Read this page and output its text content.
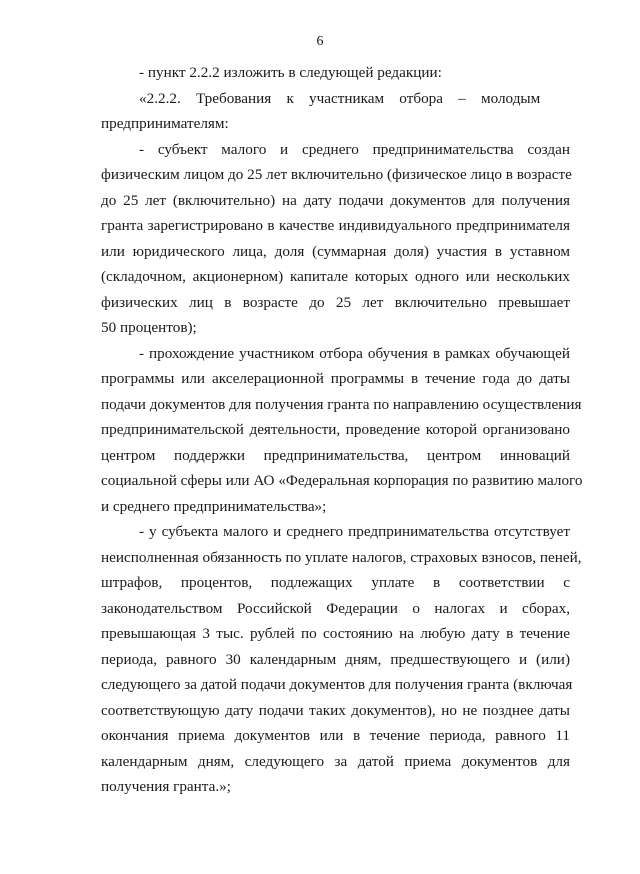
6
- пункт 2.2.2 изложить в следующей редакции:
«2.2.2. Требования к участникам отбора – молодым
предпринимателям:
- субъект малого и среднего предпринимательства создан
физическим лицом до 25 лет включительно (физическое лицо в возрасте
до 25 лет (включительно) на дату подачи документов для получения
гранта зарегистрировано в качестве индивидуального предпринимателя
или юридического лица, доля (суммарная доля) участия в уставном
(складочном, акционерном) капитале которых одного или нескольких
физических лиц в возрасте до 25 лет включительно превышает
50 процентов);
- прохождение участником отбора обучения в рамках обучающей
программы или акселерационной программы в течение года до даты
подачи документов для получения гранта по направлению осуществления
предпринимательской деятельности, проведение которой организовано
центром поддержки предпринимательства, центром инноваций
социальной сферы или АО «Федеральная корпорация по развитию малого
и среднего предпринимательства»;
- у субъекта малого и среднего предпринимательства отсутствует
неисполненная обязанность по уплате налогов, страховых взносов, пеней,
штрафов, процентов, подлежащих уплате в соответствии с
законодательством Российской Федерации о налогах и сборах,
превышающая 3 тыс. рублей по состоянию на любую дату в течение
периода, равного 30 календарным дням, предшествующего и (или)
следующего за датой подачи документов для получения гранта (включая
соответствующую дату подачи таких документов), но не позднее даты
окончания приема документов или в течение периода, равного 11
календарным дням, следующего за датой приема документов для
получения гранта.»;
